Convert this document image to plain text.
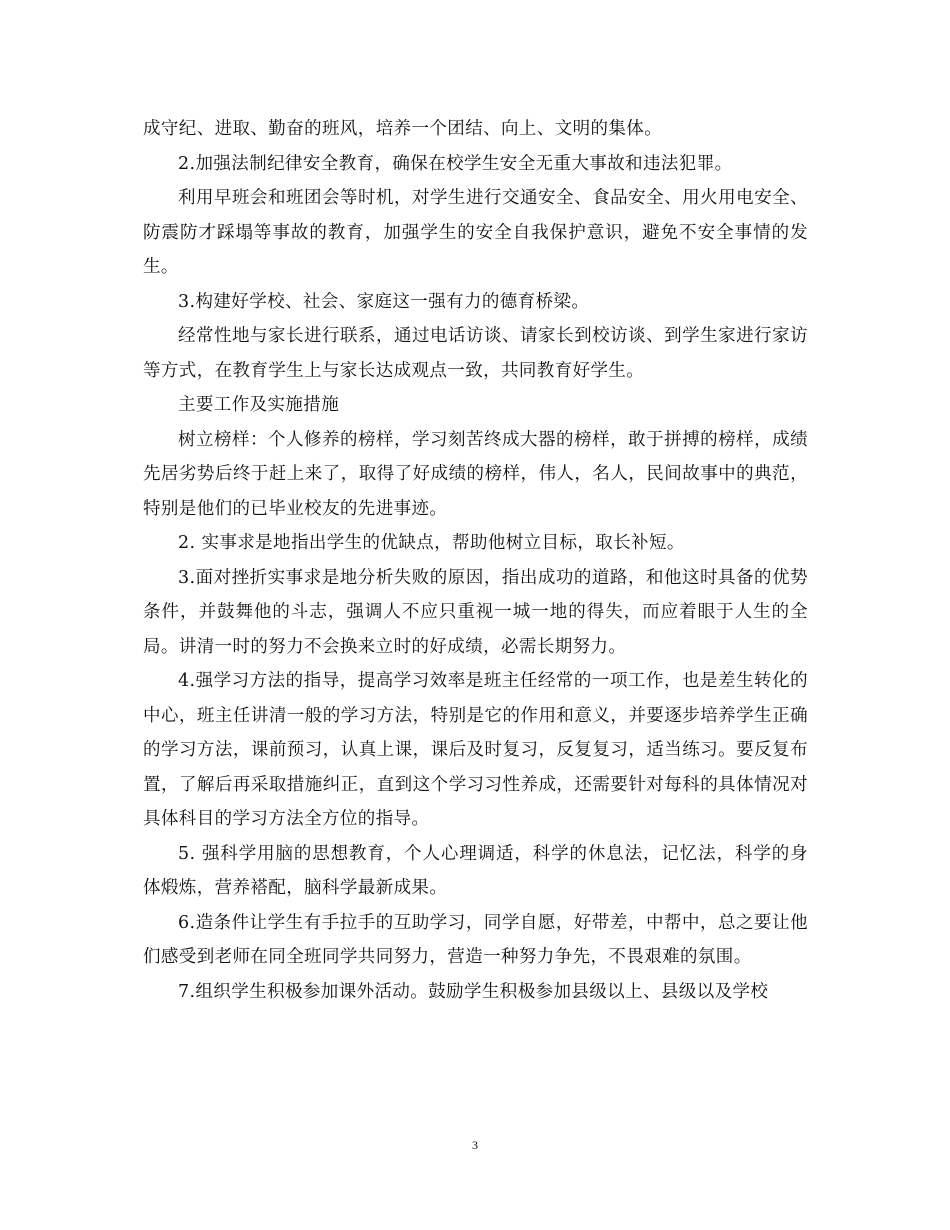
成守纪、进取、勤奋的班风，培养一个团结、向上、文明的集体。

2.加强法制纪律安全教育，确保在校学生安全无重大事故和违法犯罪。

利用早班会和班团会等时机，对学生进行交通安全、食品安全、用火用电安全、防震防才踩塌等事故的教育，加强学生的安全自我保护意识，避免不安全事情的发生。

3.构建好学校、社会、家庭这一强有力的德育桥梁。

经常性地与家长进行联系，通过电话访谈、请家长到校访谈、到学生家进行家访等方式，在教育学生上与家长达成观点一致，共同教育好学生。

主要工作及实施措施

树立榜样：个人修养的榜样，学习刻苦终成大器的榜样，敢于拼搏的榜样，成绩先居劣势后终于赶上来了，取得了好成绩的榜样，伟人，名人，民间故事中的典范，特别是他们的已毕业校友的先进事迹。

2. 实事求是地指出学生的优缺点，帮助他树立目标，取长补短。

3.面对挫折实事求是地分析失败的原因，指出成功的道路，和他这时具备的优势条件，并鼓舞他的斗志，强调人不应只重视一城一地的得失，而应着眼于人生的全局。讲清一时的努力不会换来立时的好成绩，必需长期努力。

4.强学习方法的指导，提高学习效率是班主任经常的一项工作，也是差生转化的中心，班主任讲清一般的学习方法，特别是它的作用和意义，并要逐步培养学生正确的学习方法，课前预习，认真上课，课后及时复习，反复复习，适当练习。要反复布置，了解后再采取措施纠正，直到这个学习习性养成，还需要针对每科的具体情况对具体科目的学习方法全方位的指导。

5. 强科学用脑的思想教育，个人心理调适，科学的休息法，记忆法，科学的身体煅炼，营养褡配，脑科学最新成果。

6.造条件让学生有手拉手的互助学习，同学自愿，好带差，中帮中，总之要让他们感受到老师在同全班同学共同努力，营造一种努力争先，不畏艰难的氛围。

7.组织学生积极参加课外活动。鼓励学生积极参加县级以上、县级以及学校

3
